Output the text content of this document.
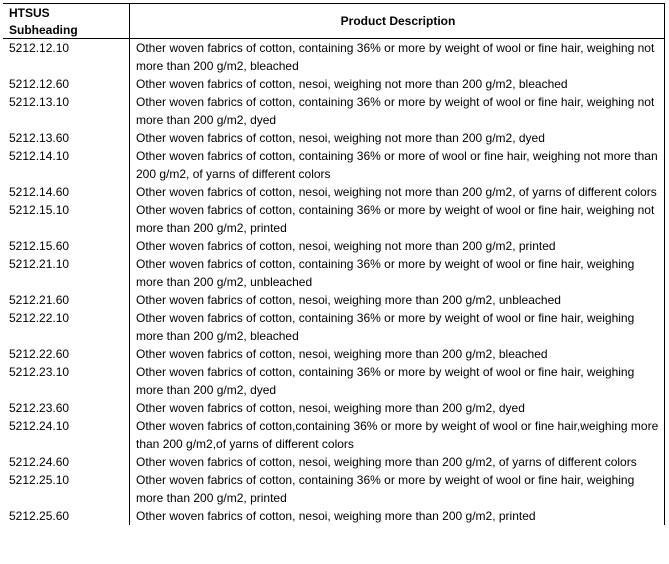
HTSUS
Subheading	Product Description
5212.12.10	Other woven fabrics of cotton, containing 36% or more by weight of wool or fine hair, weighing not more than 200 g/m2, bleached
5212.12.60	Other woven fabrics of cotton, nesoi, weighing not more than 200 g/m2, bleached
5212.13.10	Other woven fabrics of cotton, containing 36% or more by weight of wool or fine hair, weighing not more than 200 g/m2, dyed
5212.13.60	Other woven fabrics of cotton, nesoi, weighing not more than 200 g/m2, dyed
5212.14.10	Other woven fabrics of cotton, containing 36% or more of wool or fine hair, weighing not more than 200 g/m2, of yarns of different colors
5212.14.60	Other woven fabrics of cotton, nesoi, weighing not more than 200 g/m2, of yarns of different colors
5212.15.10	Other woven fabrics of cotton, containing 36% or more by weight of wool or fine hair, weighing not more than 200 g/m2, printed
5212.15.60	Other woven fabrics of cotton, nesoi, weighing not more than 200 g/m2, printed
5212.21.10	Other woven fabrics of cotton, containing 36% or more by weight of wool or fine hair, weighing more than 200 g/m2, unbleached
5212.21.60	Other woven fabrics of cotton, nesoi, weighing more than 200 g/m2, unbleached
5212.22.10	Other woven fabrics of cotton, containing 36% or more by weight of wool or fine hair, weighing more than 200 g/m2, bleached
5212.22.60	Other woven fabrics of cotton, nesoi, weighing more than 200 g/m2, bleached
5212.23.10	Other woven fabrics of cotton, containing 36% or more by weight of wool or fine hair, weighing more than 200 g/m2, dyed
5212.23.60	Other woven fabrics of cotton, nesoi, weighing more than 200 g/m2, dyed
5212.24.10	Other woven fabrics of cotton,containing 36% or more by weight of wool or fine hair,weighing more than 200 g/m2,of yarns of different colors
5212.24.60	Other woven fabrics of cotton, nesoi, weighing more than 200 g/m2, of yarns of different colors
5212.25.10	Other woven fabrics of cotton, containing 36% or more by weight of wool or fine hair, weighing more than 200 g/m2, printed
5212.25.60	Other woven fabrics of cotton, nesoi, weighing more than 200 g/m2, printed
